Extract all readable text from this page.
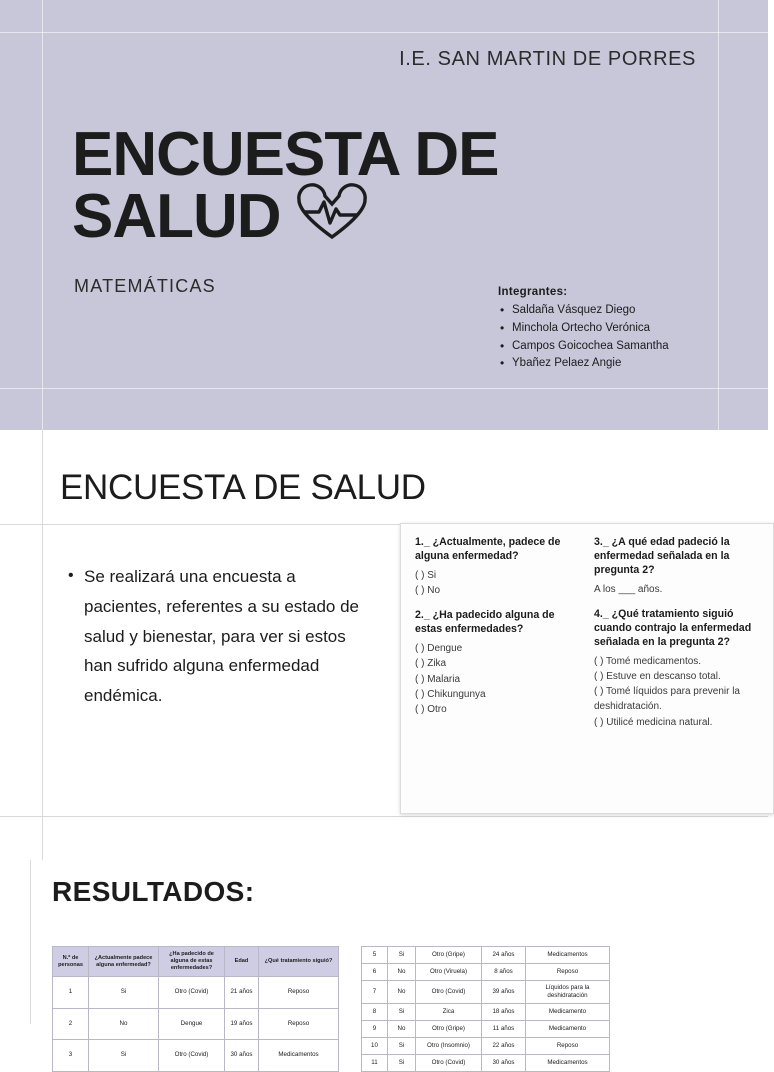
I.E. SAN MARTIN DE PORRES
ENCUESTA DE
SALUD
MATEMÁTICAS	Integrantes:
• Saldaña Vásquez Diego
• Minchola Ortecho Verónica
• Campos Goicochea Samantha
• Ybañez Pelaez Angie
ENCUESTA DE SALUD

• Se realizará una encuesta a pacientes, referentes a su estado de salud y bienestar, para ver si estos han sufrido alguna enfermedad endémica.

1._ ¿Actualmente, padece de alguna enfermedad?
( ) Si
( ) No
2._ ¿Ha padecido alguna de estas enfermedades?
( ) Dengue
( ) Zika
( ) Malaria
( ) Chikungunya
( ) Otro
3._ ¿A qué edad padeció la enfermedad señalada en la pregunta 2?
A los ___ años.
4._ ¿Qué tratamiento siguió cuando contrajo la enfermedad señalada en la pregunta 2?
( ) Tomé medicamentos.
( ) Estuve en descanso total.
( ) Tomé líquidos para prevenir la deshidratación.
( ) Utilicé medicina natural.
RESULTADOS:
N.º de personas	¿Actualmente padece alguna enfermedad?	¿Ha padecido de alguna de estas enfermedades?	Edad	¿Qué tratamiento siguió?
1	Si	Otro (Covid)	21 años	Reposo
2	No	Dengue	19 años	Reposo
3	Si	Otro (Covid)	30 años	Medicamentos
5	Si	Otro (Gripe)	24 años	Medicamentos
6	No	Otro (Viruela)	8 años	Reposo
7	No	Otro (Covid)	39 años	Líquidos para la deshidratación
8	Si	Zica	18 años	Medicamento
9	No	Otro (Gripe)	11 años	Medicamento
10	Si	Otro (Insomnio)	22 años	Reposo
11	Si	Otro (Covid)	30 años	Medicamentos
